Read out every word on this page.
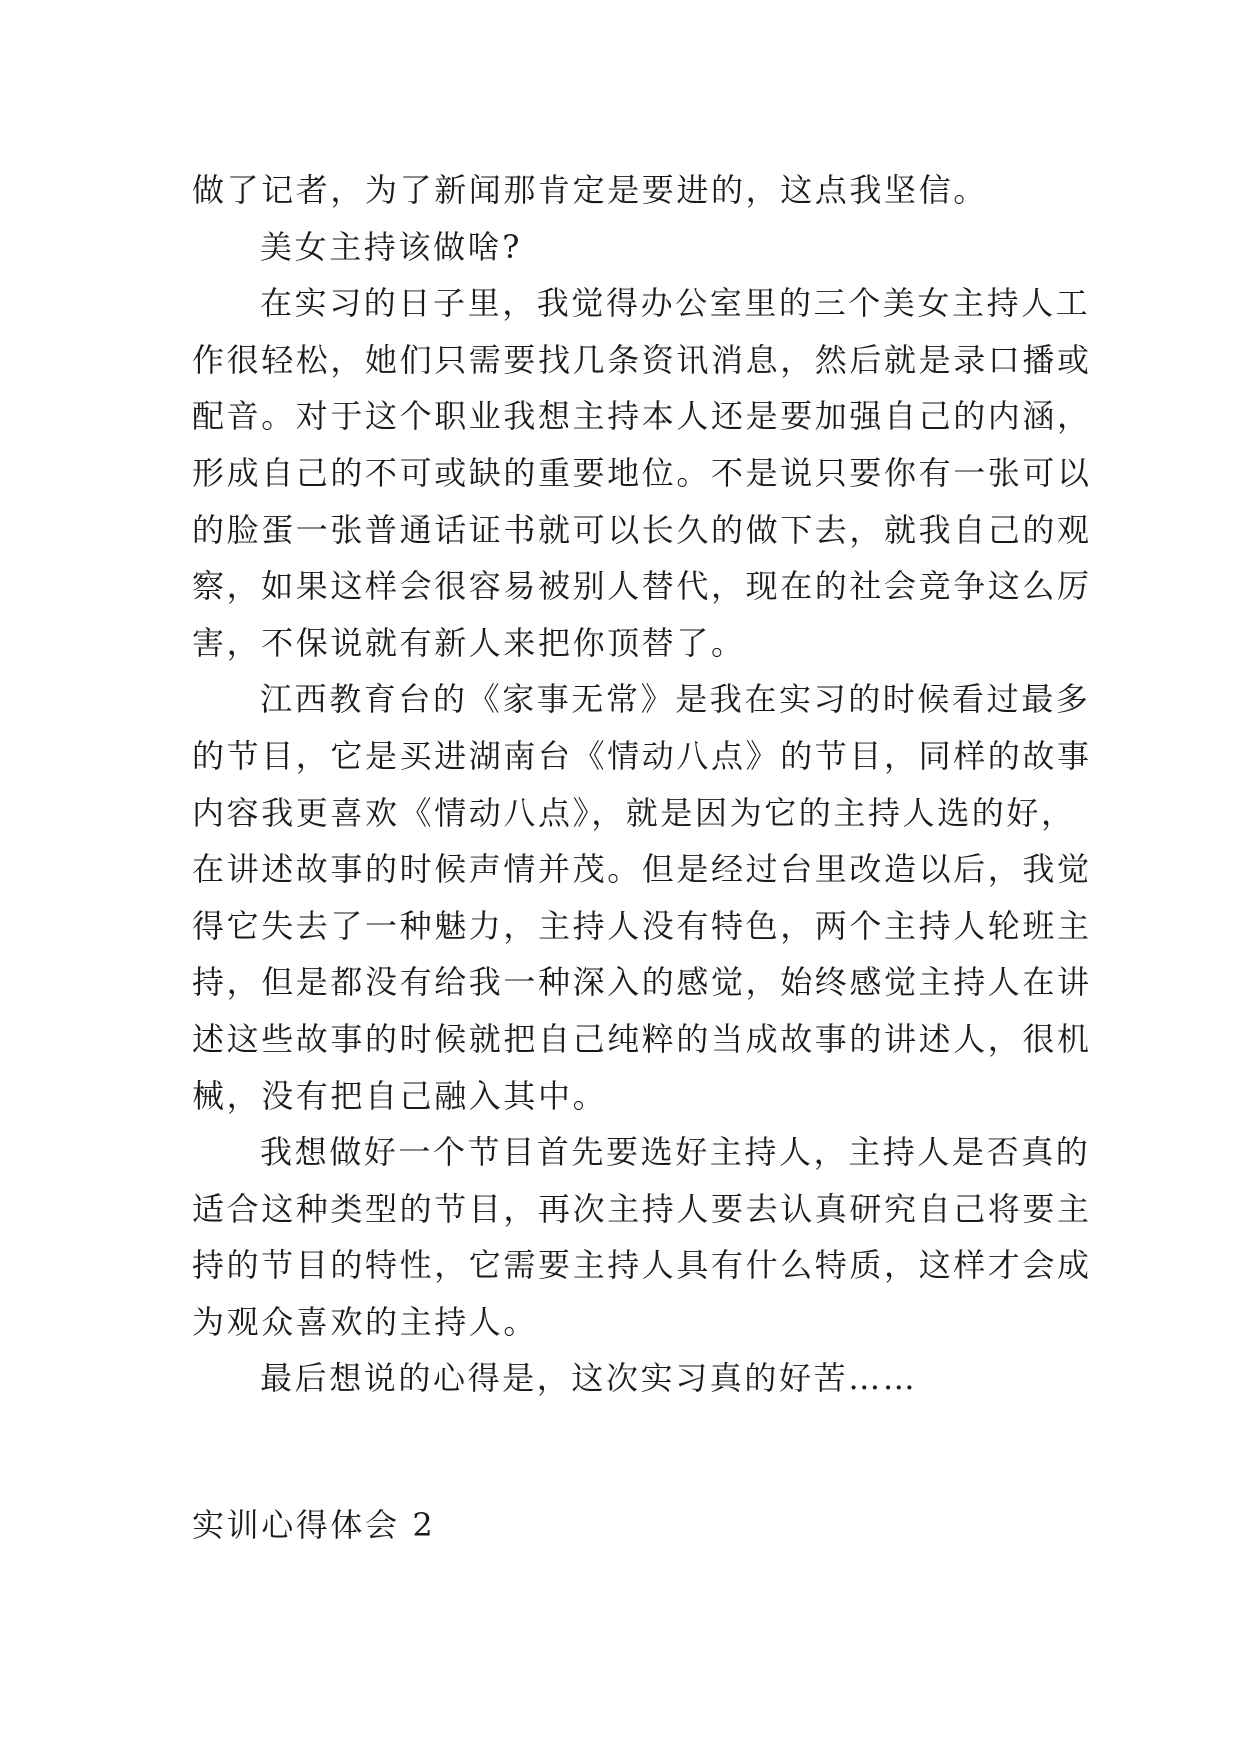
做了记者，为了新闻那肯定是要进的，这点我坚信。
美女主持该做啥?
在实习的日子里，我觉得办公室里的三个美女主持人工
作很轻松，她们只需要找几条资讯消息，然后就是录口播或
配音。对于这个职业我想主持本人还是要加强自己的内涵，
形成自己的不可或缺的重要地位。不是说只要你有一张可以
的脸蛋一张普通话证书就可以长久的做下去，就我自己的观
察，如果这样会很容易被别人替代，现在的社会竞争这么厉
害，不保说就有新人来把你顶替了。
江西教育台的《家事无常》是我在实习的时候看过最多
的节目，它是买进湖南台《情动八点》的节目，同样的故事
内容我更喜欢《情动八点》，就是因为它的主持人选的好，
在讲述故事的时候声情并茂。但是经过台里改造以后，我觉
得它失去了一种魅力，主持人没有特色，两个主持人轮班主
持，但是都没有给我一种深入的感觉，始终感觉主持人在讲
述这些故事的时候就把自己纯粹的当成故事的讲述人，很机
械，没有把自己融入其中。
我想做好一个节目首先要选好主持人，主持人是否真的
适合这种类型的节目，再次主持人要去认真研究自己将要主
持的节目的特性，它需要主持人具有什么特质，这样才会成
为观众喜欢的主持人。
最后想说的心得是，这次实习真的好苦……
实训心得体会 2
